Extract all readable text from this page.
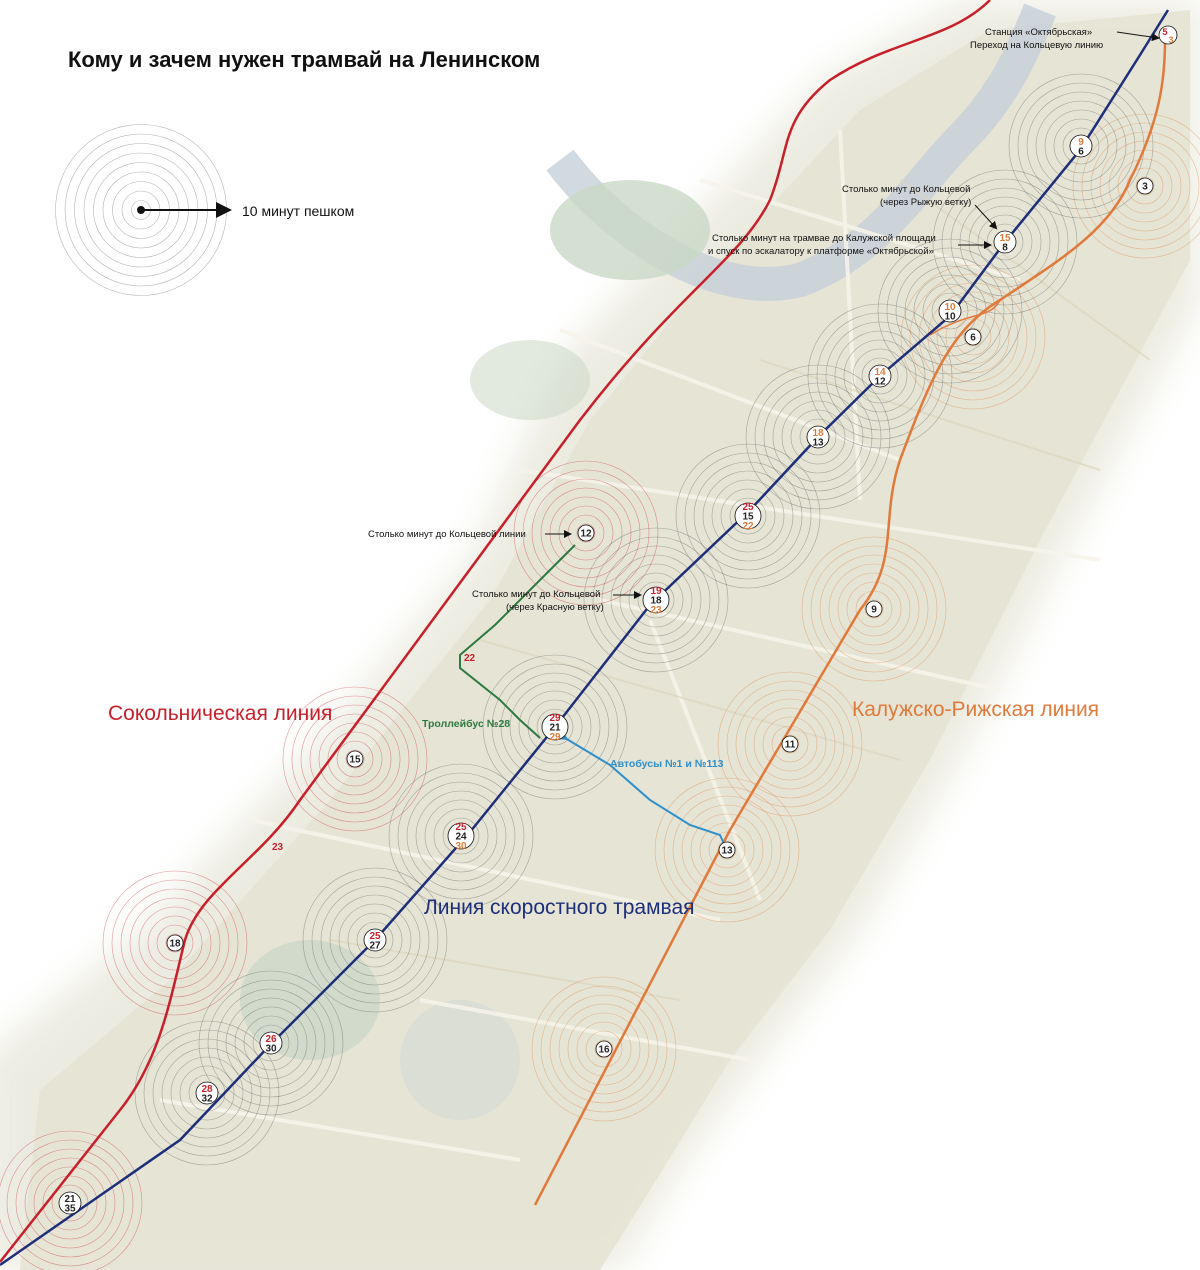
12
15
18
21
35
3
6
9
11
13
16
9
6
15
8
10
10
14
12
18
13
25
15
22
19
18
23
29
21
29
25
24
30
25
27
26
30
28
32
5
3
Кому и зачем нужен трамвай на Ленинском
10 минут пешком
Сокольническая линия	Калужско-Рижская линия
Линия скоростного трамвая
Троллейбус №28
Автобусы №1 и №113
22
23
Станция «Октябрьская»
Переход на Кольцевую линию
Столько минут до Кольцевой
(через Рыжую ветку)
Столько минут на трамвае до Калужской площади
и спуск по эскалатору к платформе «Октябрьской»
Столько минут до Кольцевой линии
Столько минут до Кольцевой
(через Красную ветку)
